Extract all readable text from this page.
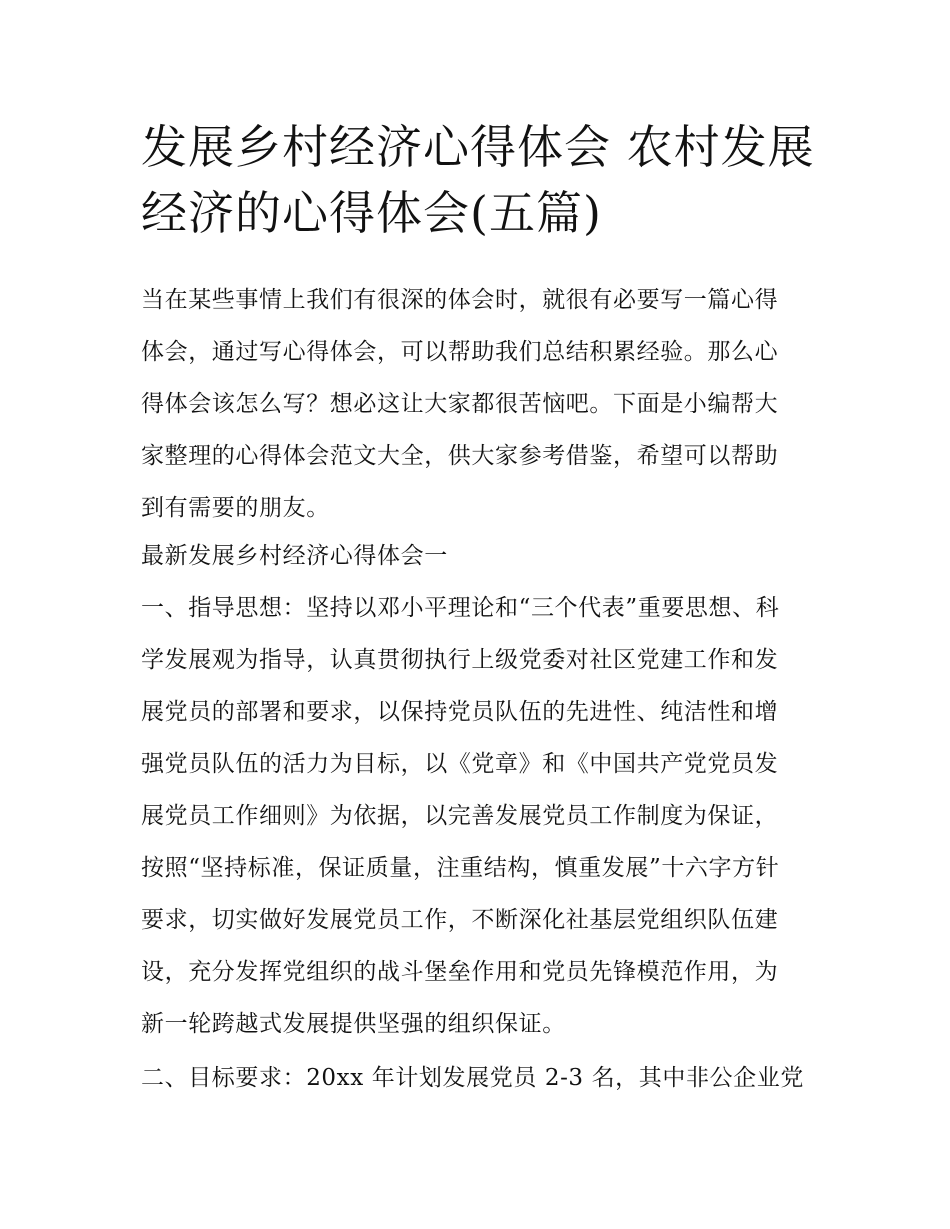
发展乡村经济心得体会 农村发展经济的心得体会(五篇)

当在某些事情上我们有很深的体会时，就很有必要写一篇心得

体会，通过写心得体会，可以帮助我们总结积累经验。那么心

得体会该怎么写？想必这让大家都很苦恼吧。下面是小编帮大

家整理的心得体会范文大全，供大家参考借鉴，希望可以帮助

到有需要的朋友。

最新发展乡村经济心得体会一

一、指导思想：坚持以邓小平理论和“三个代表”重要思想、科

学发展观为指导，认真贯彻执行上级党委对社区党建工作和发

展党员的部署和要求，以保持党员队伍的先进性、纯洁性和增

强党员队伍的活力为目标，以《党章》和《中国共产党党员发

展党员工作细则》为依据，以完善发展党员工作制度为保证，

按照“坚持标准，保证质量，注重结构，慎重发展”十六字方针

要求，切实做好发展党员工作，不断深化社基层党组织队伍建

设，充分发挥党组织的战斗堡垒作用和党员先锋模范作用，为

新一轮跨越式发展提供坚强的组织保证。

二、目标要求：20xx 年计划发展党员 2-3 名，其中非公企业党
